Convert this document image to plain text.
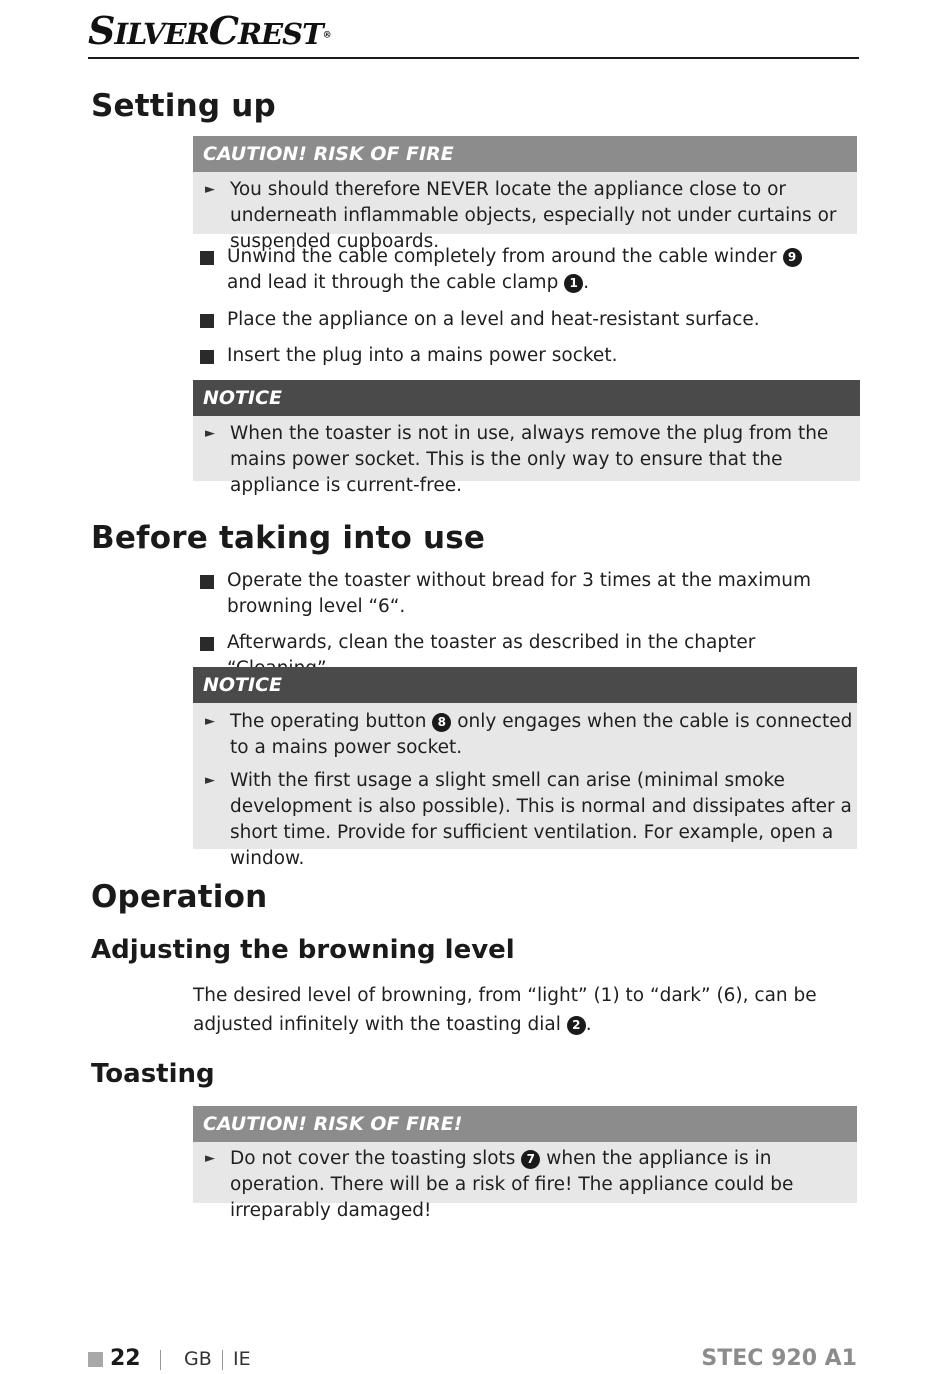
SILVERCREST®
Setting up
CAUTION! RISK OF FIRE
► You should therefore NEVER locate the appliance close to or underneath inflammable objects, especially not under curtains or suspended cupboards.
Unwind the cable completely from around the cable winder 9 and lead it through the cable clamp 1 .
Place the appliance on a level and heat-resistant surface.
Insert the plug into a mains power socket.
NOTICE
► When the toaster is not in use, always remove the plug from the mains power socket. This is the only way to ensure that the appliance is current-free.
Before taking into use
Operate the toaster without bread for 3 times at the maximum browning level “6“.
Afterwards, clean the toaster as described in the chapter
NOTICE
► The operating button 8 only engages when the cable is connected to a mains power socket.
► With the first usage a slight smell can arise (minimal smoke development is also possible). This is normal and dissipates after a short time. Provide for sufficient ventilation. For example, open a window.
Operation
Adjusting the browning level
The desired level of browning, from “light” (1) to “dark” (6), can be adjusted infinitely with the toasting dial 2 .
Toasting
CAUTION! RISK OF FIRE!
► Do not cover the toasting slots 7 when the appliance is in operation. There will be a risk of fire! The appliance could be irreparably damaged!
22 GB IE	STEC 920 A1
